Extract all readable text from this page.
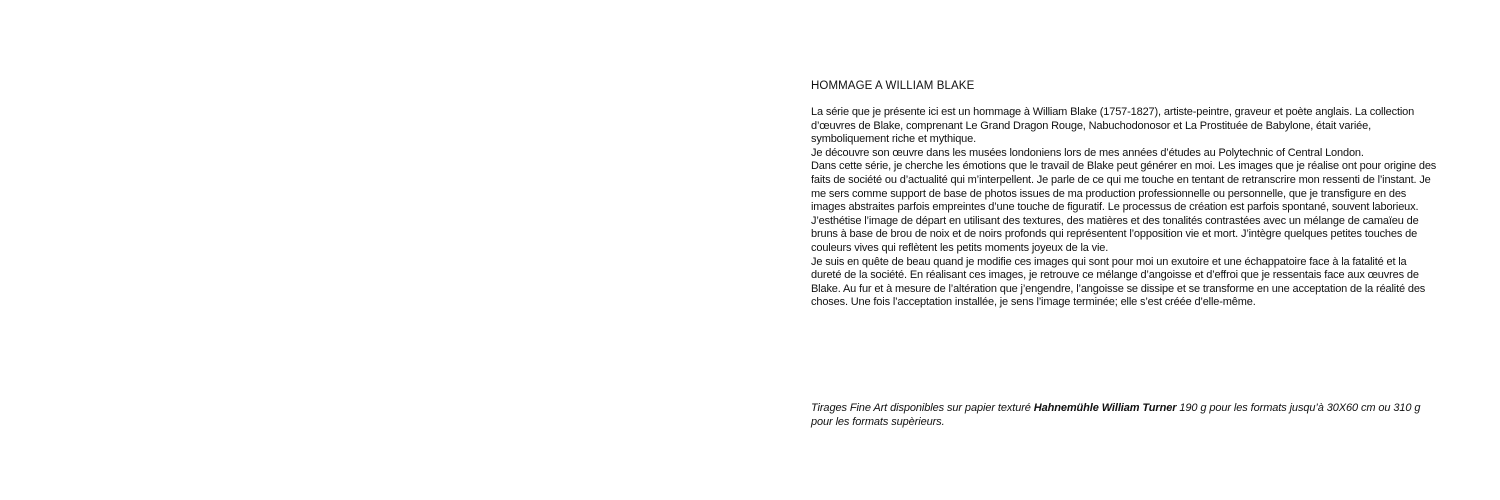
HOMMAGE A WILLIAM BLAKE

La série que je présente ici est un hommage à William Blake (1757-1827), artiste-peintre, graveur et poète anglais. La collection d’œuvres de Blake, comprenant Le Grand Dragon Rouge, Nabuchodonosor et La Prostituée de Babylone, était variée, symboliquement riche et mythique.

Je découvre son œuvre dans les musées londoniens lors de mes années d’études au Polytechnic of Central London.

Dans cette série, je cherche les émotions que le travail de Blake peut générer en moi. Les images que je réalise ont pour origine des faits de société ou d’actualité qui m’interpellent. Je parle de ce qui me touche en tentant de retranscrire mon ressenti de l’instant. Je me sers comme support de base de photos issues de ma production professionnelle ou personnelle, que je transfigure en des images abstraites parfois empreintes d’une touche de figuratif. Le processus de création est parfois spontané, souvent laborieux. J’esthétise l’image de départ en utilisant des textures, des matières et des tonalités contrastées avec un mélange de camaïeu de bruns à base de brou de noix et de noirs profonds qui représentent l’opposition vie et mort. J’intègre quelques petites touches de couleurs vives qui reflètent les petits moments joyeux de la vie.

Je suis en quête de beau quand je modifie ces images qui sont pour moi un exutoire et une échappatoire face à la fatalité et la dureté de la société. En réalisant ces images, je retrouve ce mélange d’angoisse et d’effroi que je ressentais face aux œuvres de Blake. Au fur et à mesure de l’altération que j’engendre, l’angoisse se dissipe et se transforme en une acceptation de la réalité des choses. Une fois l’acceptation installée, je sens l’image terminée; elle s’est créée d’elle-même.

Tirages Fine Art disponibles sur papier texturé Hahnemühle William Turner 190 g pour les formats jusqu’à 30X60 cm ou 310 g pour les formats supèrieurs.
